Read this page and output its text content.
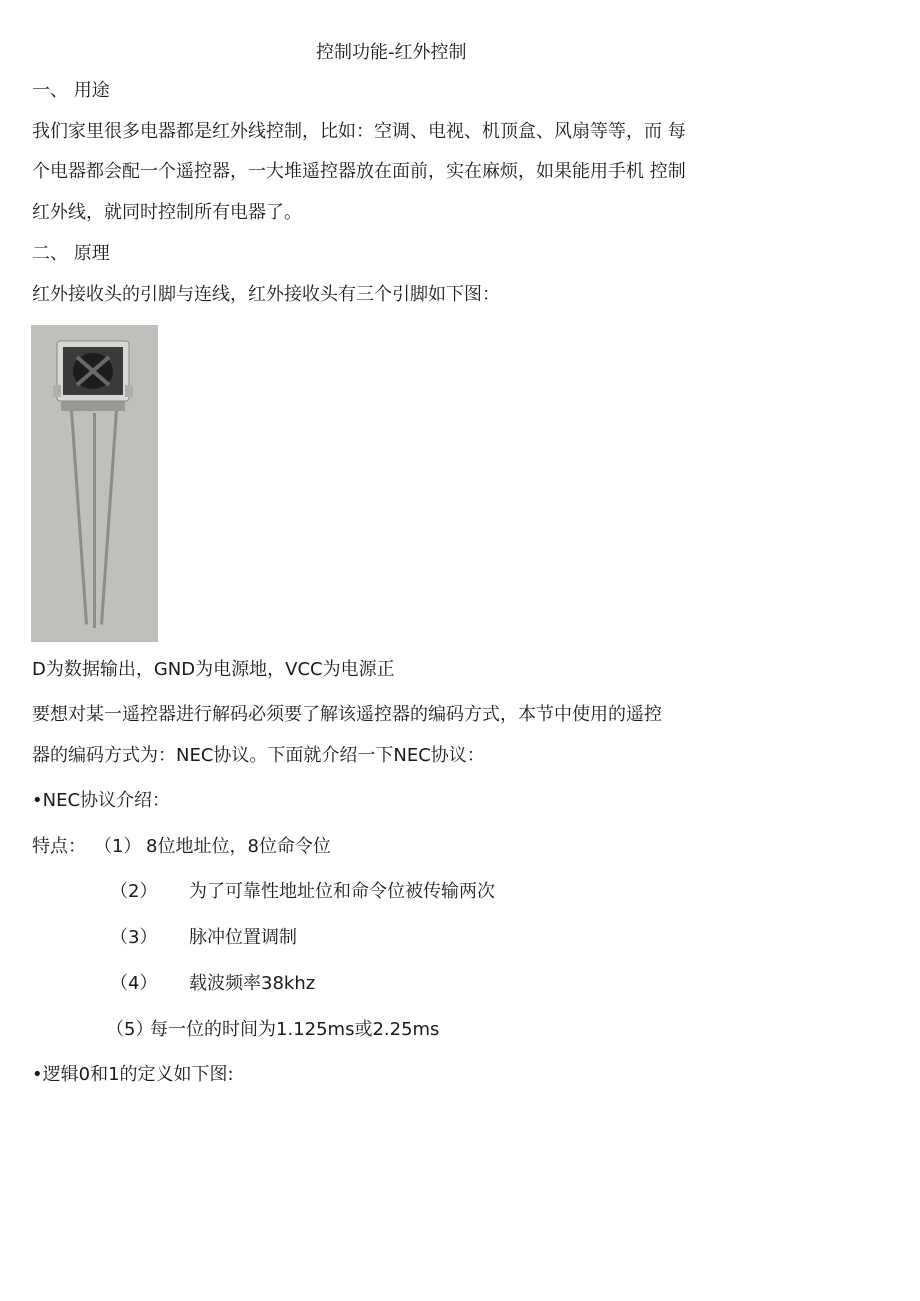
控制功能-红外控制
一、 用途
我们家里很多电器都是红外线控制，比如：空调、电视、机顶盒、风扇等等，而 每
个电器都会配一个遥控器，一大堆遥控器放在面前，实在麻烦，如果能用手机 控制
红外线，就同时控制所有电器了。
二、 原理
红外接收头的引脚与连线，红外接收头有三个引脚如下图：
D为数据输出，GND为电源地，VCC为电源正
要想对某一遥控器进行解码必须要了解该遥控器的编码方式，本节中使用的遥控
器的编码方式为：NEC协议。下面就介绍一下NEC协议：
•NEC协议介绍：
特点： （1） 8位地址位，8位命令位
（2） 为了可靠性地址位和命令位被传输两次
（3） 脉冲位置调制
（4） 载波频率38khz
（5）
每一位的时间为1.125ms或2.25ms
•逻辑0和1的定义如下图:
